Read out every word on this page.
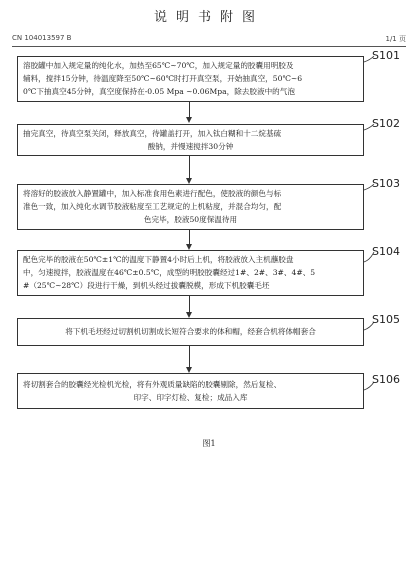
说明书附图
CN 104013597 B	1/1 页
溶胶罐中加入规定量的纯化水，加热至65℃~70℃，加入规定量的胶囊用明胶及
辅料，搅拌15分钟，待温度降至50℃~60℃时打开真空泵，开始抽真空，50℃~6
0℃下抽真空45分钟，真空度保持在-0.05 Mpa ~0.06Mpa，除去胶液中的气泡
S101
抽完真空，待真空泵关闭，释放真空，待罐盖打开，加入钛白糊和十二烷基硫
酸钠，并慢速搅拌30分钟
S102
将溶好的胶液放入静置罐中，加入标准食用色素进行配色，使胶液的颜色与标
准色一致，加入纯化水调节胶液粘度至工艺规定的上机粘度，并混合均匀，配
色完毕，胶液50度保温待用
S103
配色完毕的胶液在50℃±1℃的温度下静置4小时后上机，将胶液放入主机蘸胶盘
中，匀速搅拌，胶液温度在46℃±0.5℃，成型的明胶胶囊经过1#、2#、3#、4#、5
#（25℃~28℃）段进行干燥，到机头经过拔囊脱模，形成下机胶囊毛坯
S104
将下机毛坯经过切割机切割成长短符合要求的体和帽，经套合机将体帽套合
S105
将切割套合的胶囊经光检机光检，将有外观质量缺陷的胶囊剔除，然后复检、
印字、印字灯检、复检；成品入库
S106
图1
